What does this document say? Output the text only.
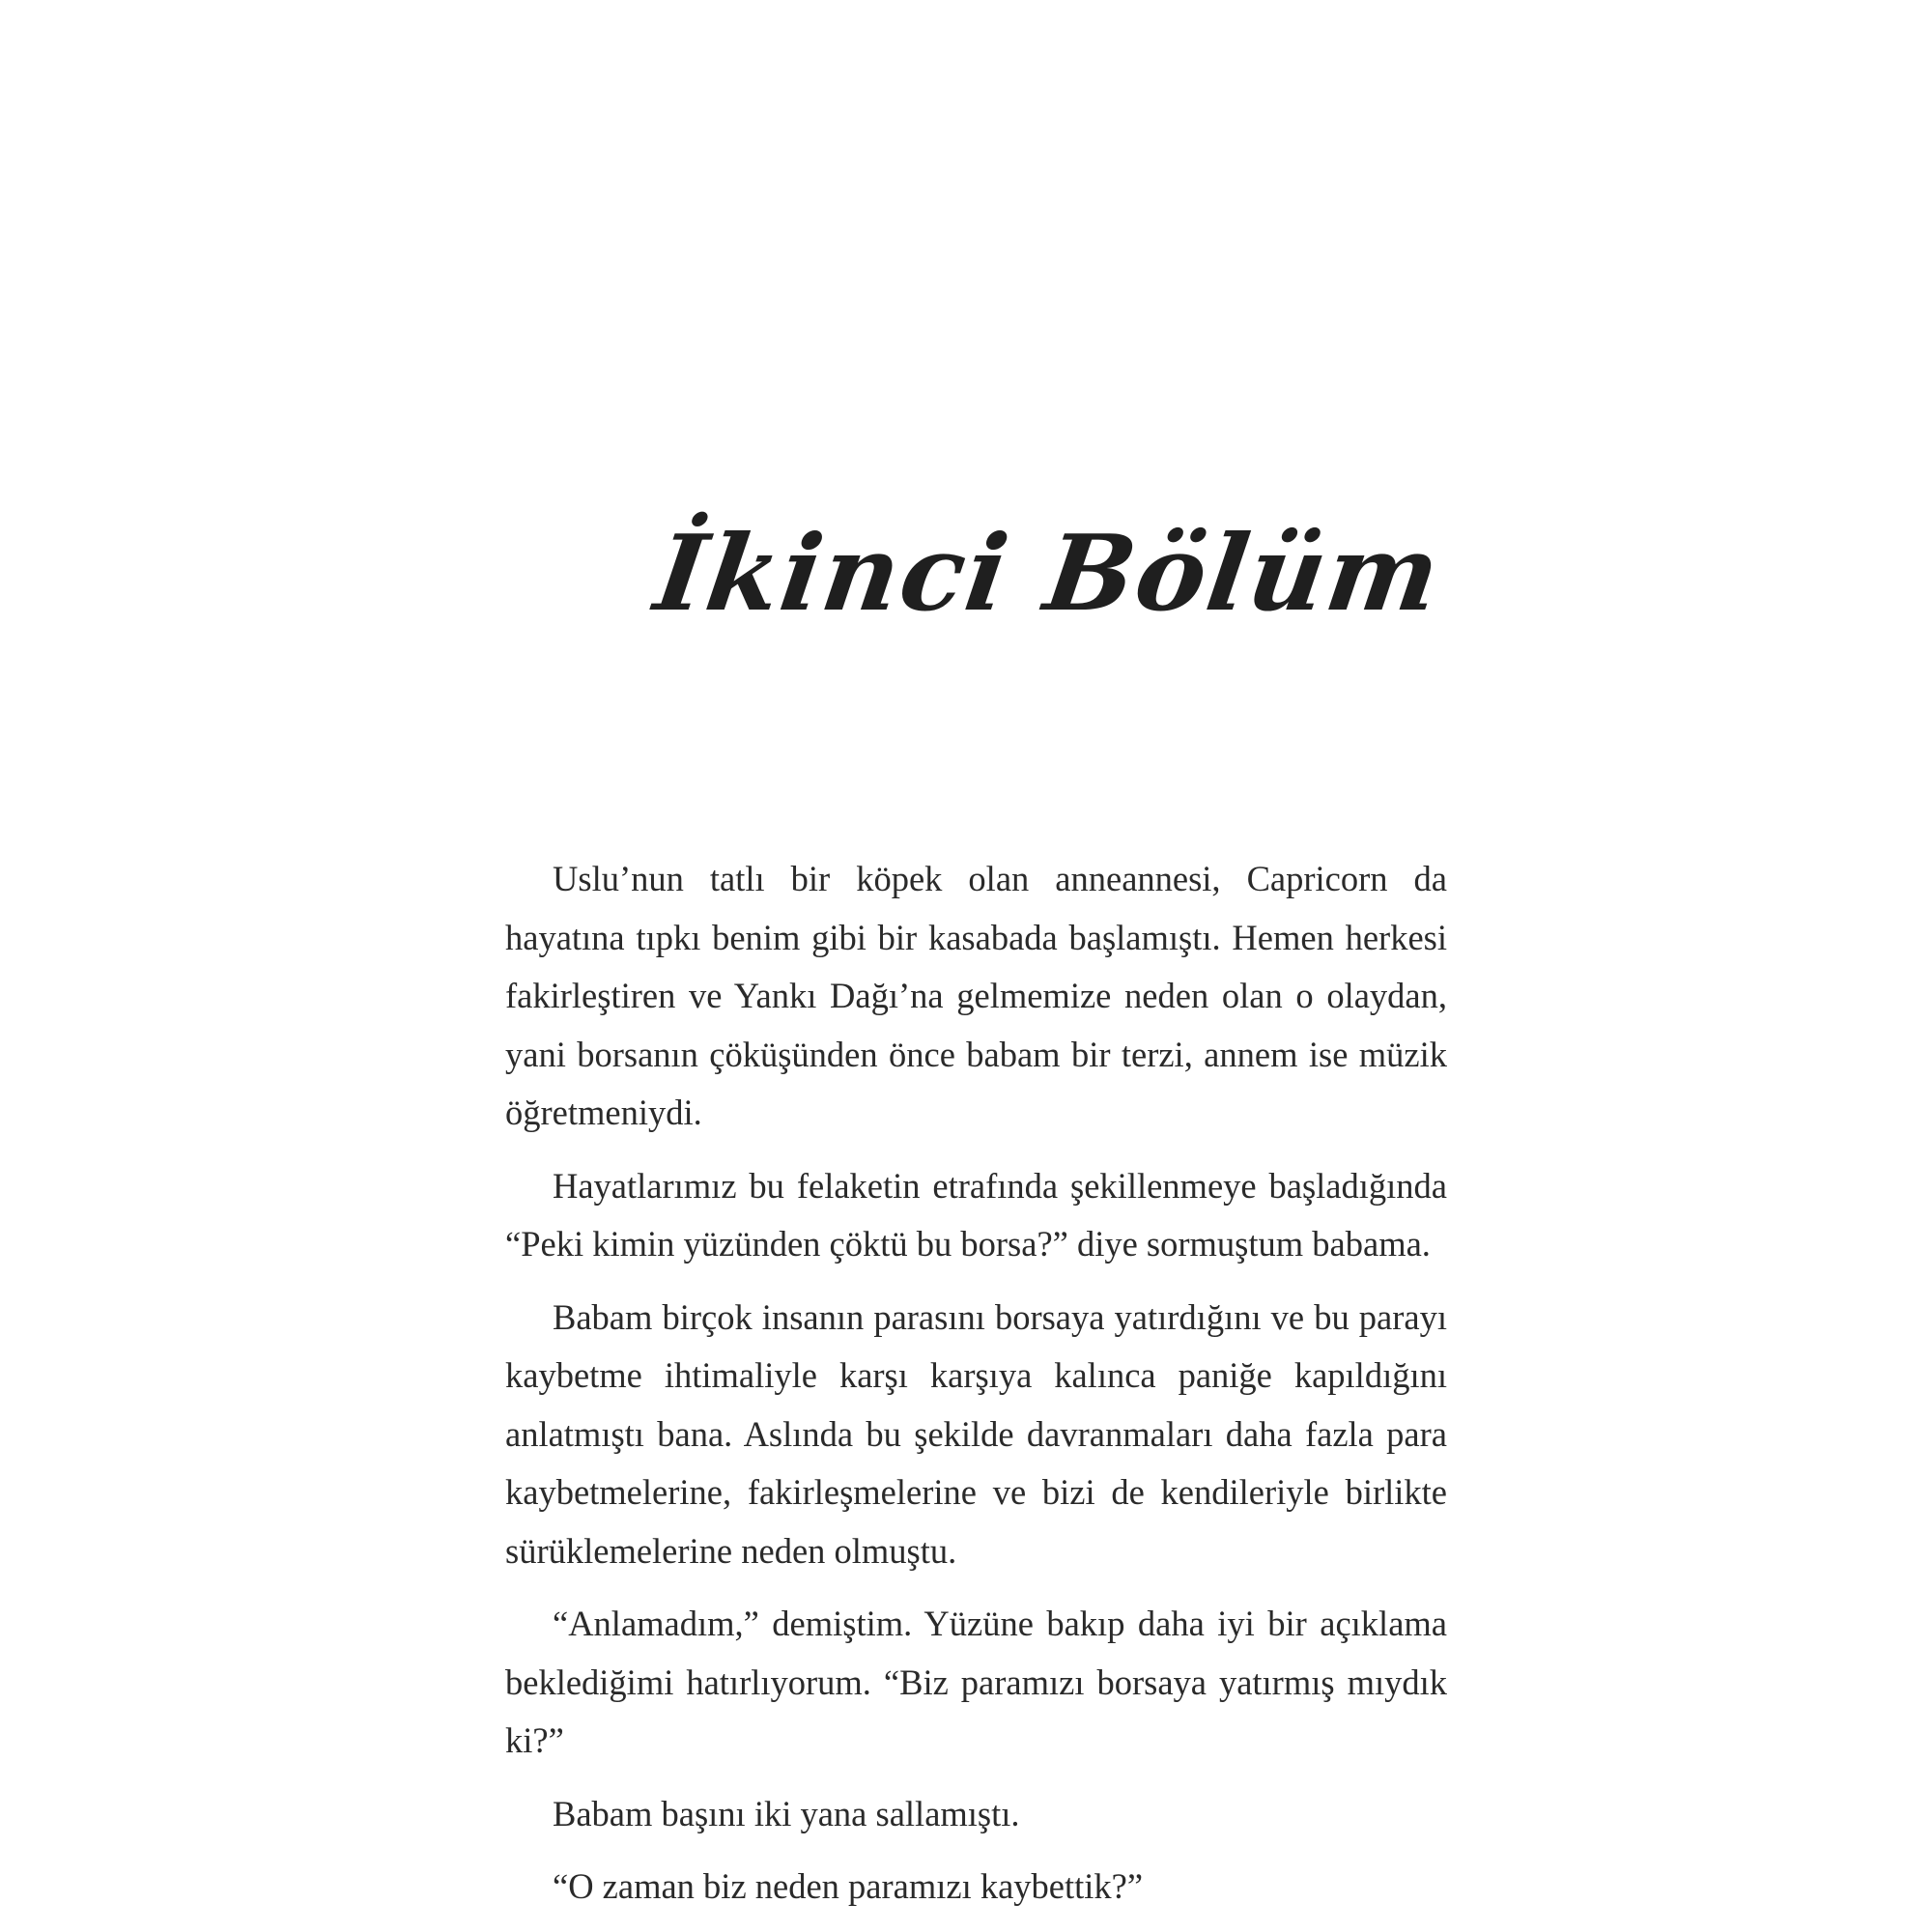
İkinci Bölüm

Uslu’nun tatlı bir köpek olan anneannesi, Capricorn da hayatına tıpkı benim gibi bir kasabada başlamıştı. Hemen herkesi fakirleştiren ve Yankı Dağı’na gelmemize neden olan o olaydan, yani borsanın çöküşünden önce babam bir terzi, annem ise müzik öğretmeniydi.

Hayatlarımız bu felaketin etrafında şekillenmeye başladığında “Peki kimin yüzünden çöktü bu borsa?” diye sormuştum babama.

Babam birçok insanın parasını borsaya yatırdığını ve bu parayı kaybetme ihtimaliyle karşı karşıya kalınca paniğe kapıldığını anlatmıştı bana. Aslında bu şekilde davranmaları daha fazla para kaybetmelerine, fakirleşmelerine ve bizi de kendileriyle birlikte sürüklemelerine neden olmuştu.

“Anlamadım,” demiştim. Yüzüne bakıp daha iyi bir açıklama beklediğimi hatırlıyorum. “Biz paramızı borsaya yatırmış mıydık ki?”

Babam başını iki yana sallamıştı.

“O zaman biz neden paramızı kaybettik?”
